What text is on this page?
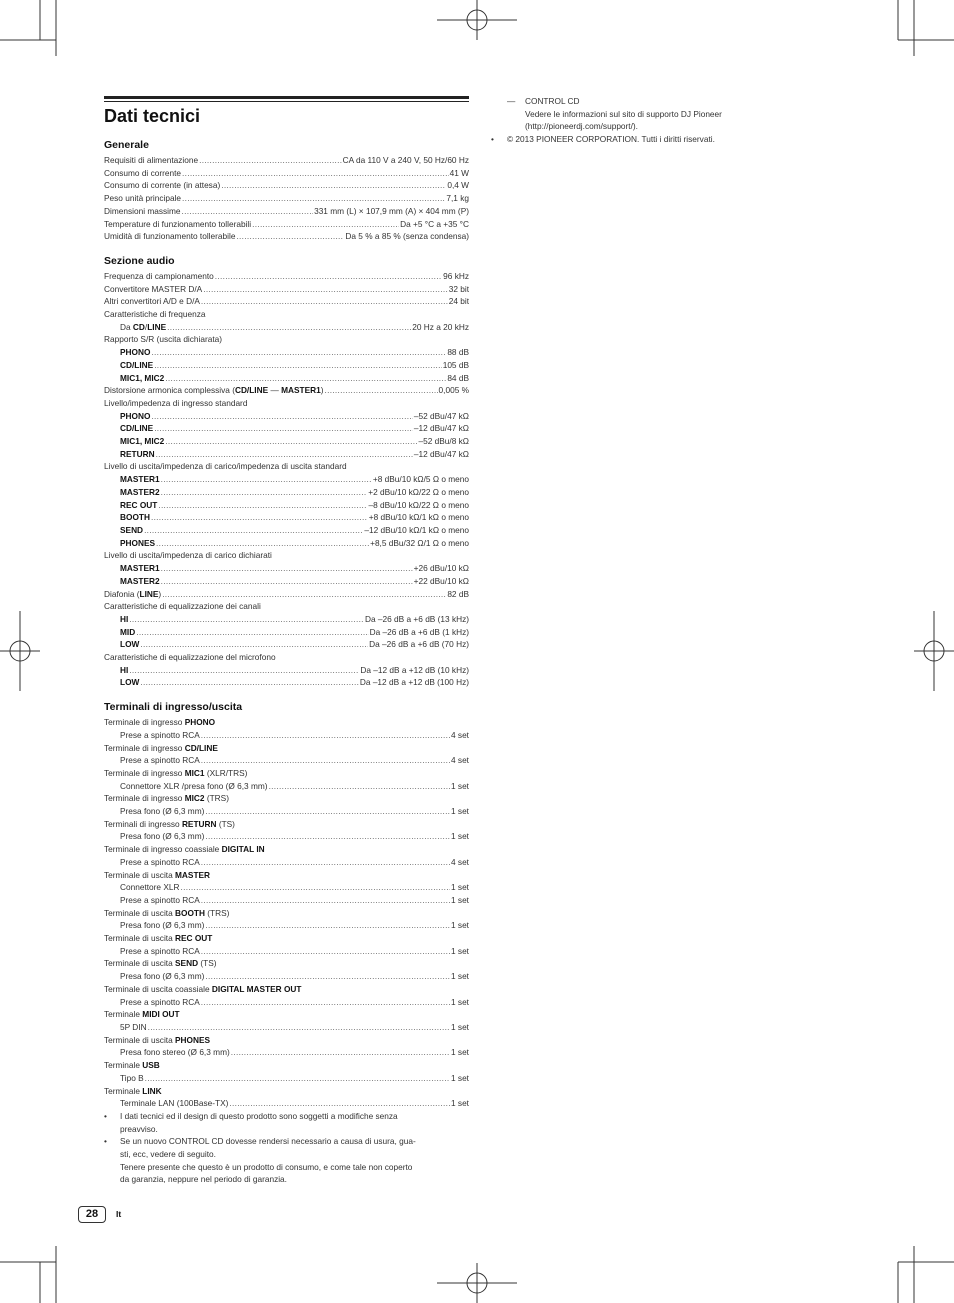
Dati tecnici
Generale
Requisiti di alimentazione .....	CA da 110 V a 240 V, 50 Hz/60 Hz
Consumo di corrente .....	41 W
Consumo di corrente (in attesa) .....	0,4 W
Peso unità principale .....	7,1 kg
Dimensioni massime .....	331 mm (L) × 107,9 mm (A) × 404 mm (P)
Temperature di funzionamento tollerabili .....	Da +5 °C a +35 °C
Umidità di funzionamento tollerabile .....	Da 5 % a 85 % (senza condensa)
Sezione audio
Frequenza di campionamento .....	96 kHz
Convertitore MASTER D/A .....	32 bit
Altri convertitori A/D e D/A .....	24 bit
Caratteristiche di frequenza
Da CD/LINE .....	20 Hz a 20 kHz
Rapporto S/R (uscita dichiarata)
PHONO .....	88 dB
CD/LINE .....	105 dB
MIC1, MIC2 .....	84 dB
Distorsione armonica complessiva (CD/LINE — MASTER1) .....	0,005 %
Livello/impedenza di ingresso standard
PHONO .....	–52 dBu/47 kΩ
CD/LINE .....	–12 dBu/47 kΩ
MIC1, MIC2 .....	–52 dBu/8 kΩ
RETURN .....	–12 dBu/47 kΩ
Livello di uscita/impedenza di carico/impedenza di uscita standard
MASTER1 .....	+8 dBu/10 kΩ/5 Ω o meno
MASTER2 .....	+2 dBu/10 kΩ/22 Ω o meno
REC OUT .....	–8 dBu/10 kΩ/22 Ω o meno
BOOTH .....	+8 dBu/10 kΩ/1 kΩ o meno
SEND .....	–12 dBu/10 kΩ/1 kΩ o meno
PHONES .....	+8,5 dBu/32 Ω/1 Ω o meno
Livello di uscita/impedenza di carico dichiarati
MASTER1 .....	+26 dBu/10 kΩ
MASTER2 .....	+22 dBu/10 kΩ
Diafonia (LINE) .....	82 dB
Caratteristiche di equalizzazione dei canali
HI .....	Da –26 dB a +6 dB (13 kHz)
MID .....	Da –26 dB a +6 dB (1 kHz)
LOW .....	Da –26 dB a +6 dB (70 Hz)
Caratteristiche di equalizzazione del microfono
HI .....	Da –12 dB a +12 dB (10 kHz)
LOW .....	Da –12 dB a +12 dB (100 Hz)
Terminali di ingresso/uscita
Terminale di ingresso PHONO
Prese a spinotto RCA .....	4 set
Terminale di ingresso CD/LINE
Prese a spinotto RCA .....	4 set
Terminale di ingresso MIC1 (XLR/TRS)
Connettore XLR /presa fono (Ø 6,3 mm) .....	1 set
Terminale di ingresso MIC2 (TRS)
Presa fono (Ø 6,3 mm) .....	1 set
Terminali di ingresso RETURN (TS)
Presa fono (Ø 6,3 mm) .....	1 set
Terminale di ingresso coassiale DIGITAL IN
Prese a spinotto RCA .....	4 set
Terminale di uscita MASTER
Connettore XLR .....	1 set
Prese a spinotto RCA .....	1 set
Terminale di uscita BOOTH (TRS)
Presa fono (Ø 6,3 mm) .....	1 set
Terminale di uscita REC OUT
Prese a spinotto RCA .....	1 set
Terminale di uscita SEND (TS)
Presa fono (Ø 6,3 mm) .....	1 set
Terminale di uscita coassiale DIGITAL MASTER OUT
Prese a spinotto RCA .....	1 set
Terminale MIDI OUT
5P DIN .....	1 set
Terminale di uscita PHONES
Presa fono stereo (Ø 6,3 mm) .....	1 set
Terminale USB
Tipo B .....	1 set
Terminale LINK
Terminale LAN (100Base-TX) .....	1 set
•	I dati tecnici ed il design di questo prodotto sono soggetti a modifiche senza
preavviso.
•	Se un nuovo CONTROL CD dovesse rendersi necessario a causa di usura, gua-
sti, ecc, vedere di seguito.
Tenere presente che questo è un prodotto di consumo, e come tale non coperto
da garanzia, neppure nel periodo di garanzia.
—	CONTROL CD
Vedere le informazioni sul sito di supporto DJ Pioneer
(http://pioneerdj.com/support/).
•	© 2013 PIONEER CORPORATION. Tutti i diritti riservati.
28	It
